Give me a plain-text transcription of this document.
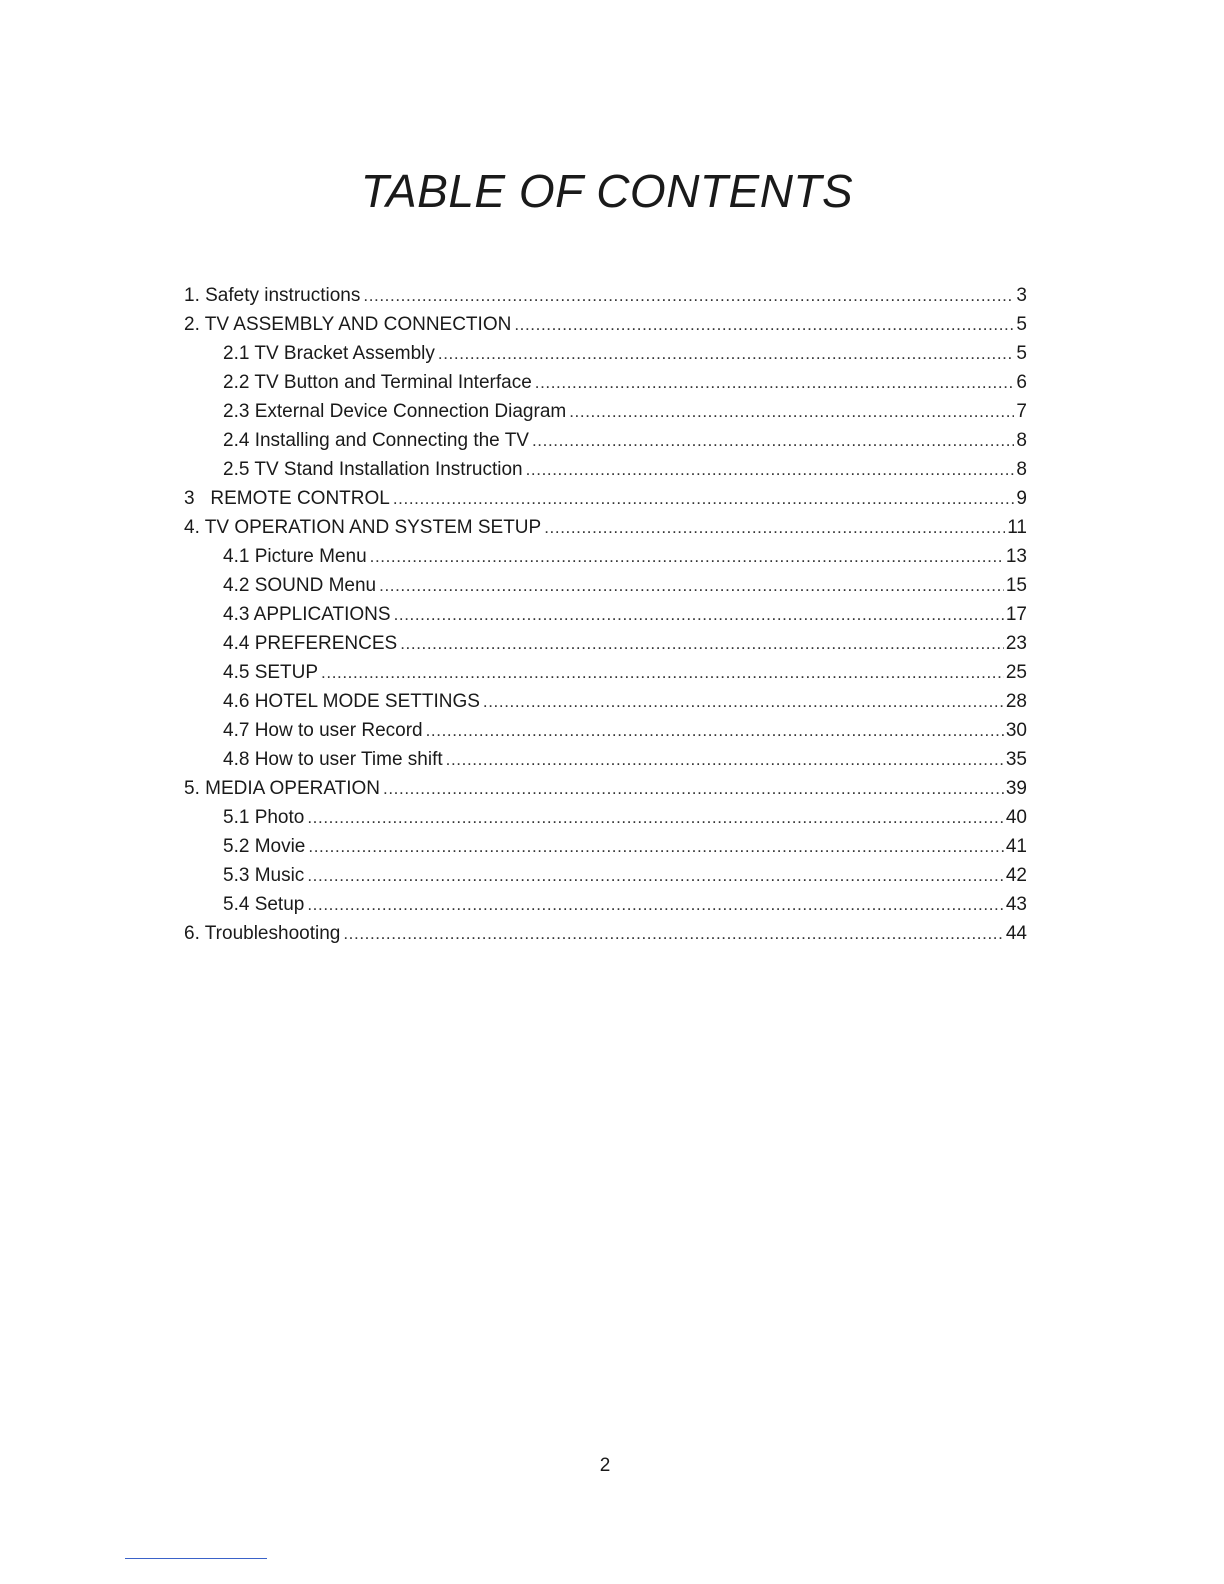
TABLE OF CONTENTS
1. Safety instructions .....	3
2. TV ASSEMBLY AND CONNECTION .....	5
2.1 TV Bracket Assembly .....	5
2.2 TV Button and Terminal Interface .....	6
2.3 External Device Connection Diagram .....	7
2.4 Installing and Connecting the TV .....	8
2.5 TV Stand Installation Instruction .....	8
3   REMOTE CONTROL .....	9
4. TV OPERATION AND SYSTEM SETUP .....	11
4.1 Picture Menu .....	13
4.2 SOUND Menu .....	15
4.3 APPLICATIONS .....	17
4.4 PREFERENCES .....	23
4.5 SETUP .....	25
4.6 HOTEL MODE SETTINGS .....	28
4.7 How to user Record .....	30
4.8 How to user Time shift .....	35
5. MEDIA OPERATION .....	39
5.1 Photo .....	40
5.2 Movie .....	41
5.3 Music .....	42
5.4 Setup .....	43
6. Troubleshooting .....	44
2
